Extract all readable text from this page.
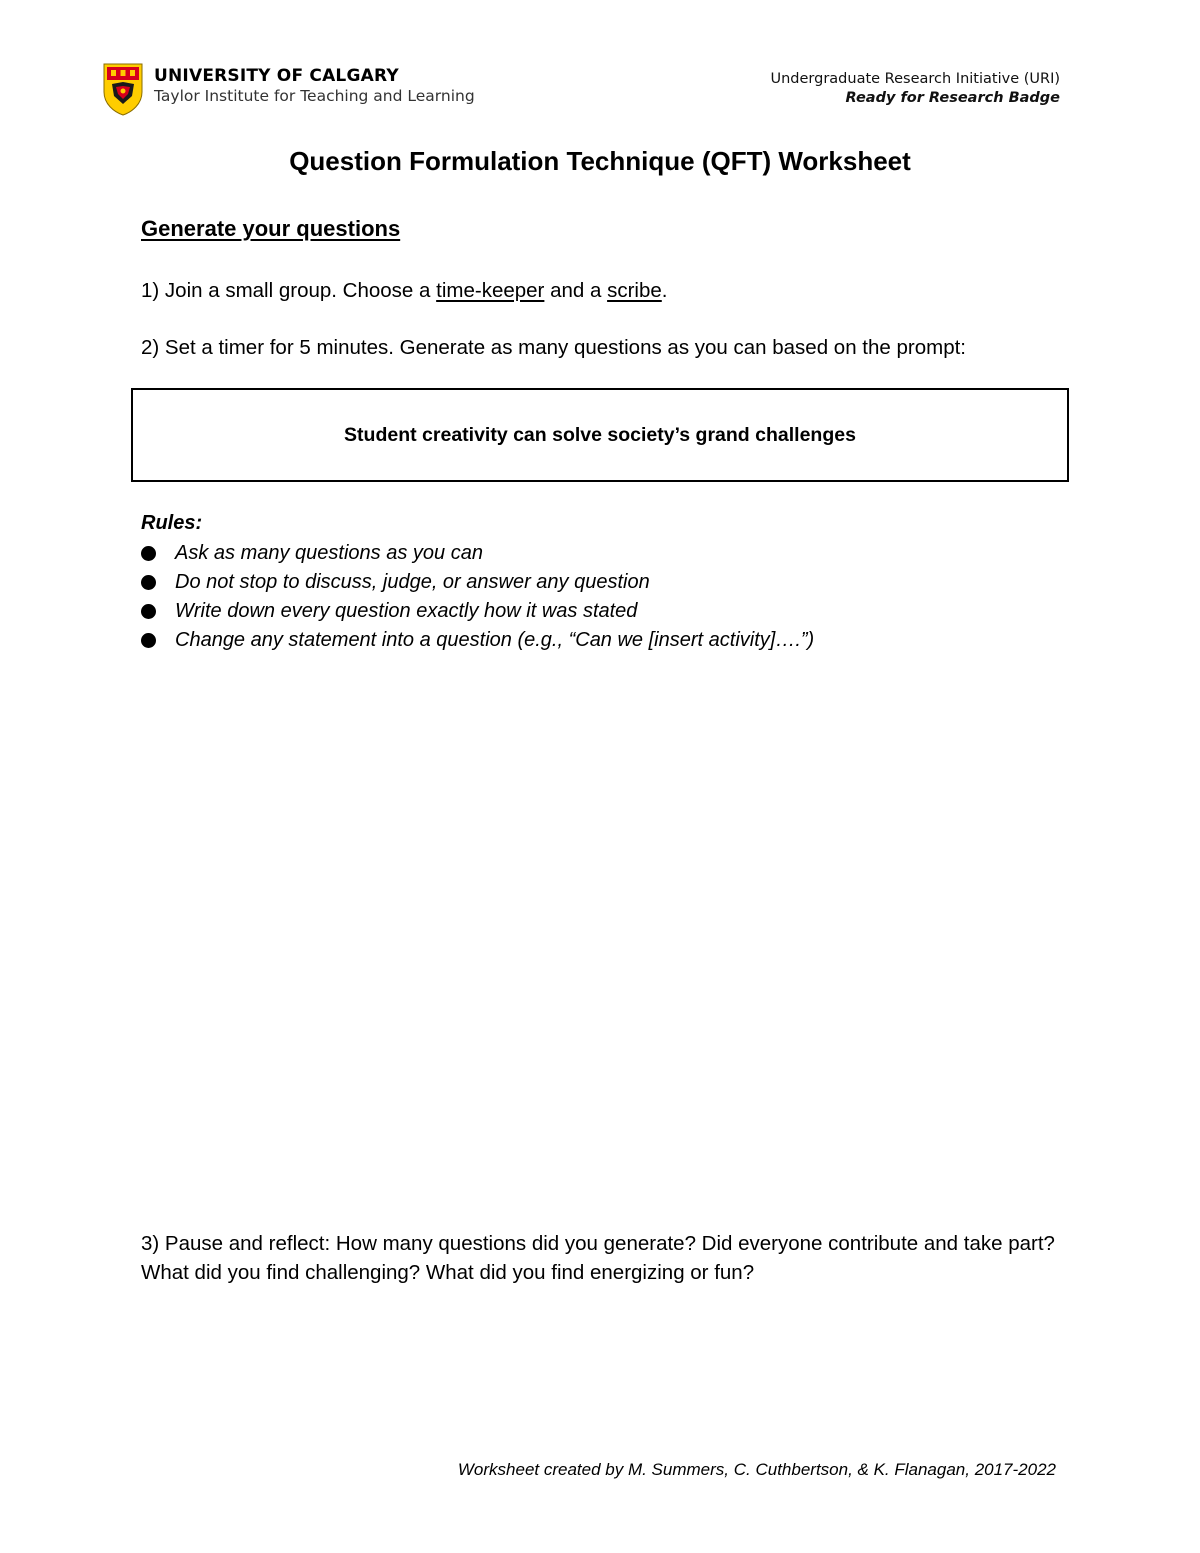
UNIVERSITY OF CALGARY
Taylor Institute for Teaching and Learning
Undergraduate Research Initiative (URI)
Ready for Research Badge
Question Formulation Technique (QFT) Worksheet
Generate your questions
1) Join a small group. Choose a time-keeper and a scribe.
2) Set a timer for 5 minutes. Generate as many questions as you can based on the prompt:
Student creativity can solve society’s grand challenges
Rules:
Ask as many questions as you can
Do not stop to discuss, judge, or answer any question
Write down every question exactly how it was stated
Change any statement into a question (e.g., “Can we [insert activity]….”)
3) Pause and reflect: How many questions did you generate? Did everyone contribute and take part? What did you find challenging? What did you find energizing or fun?
Worksheet created by M. Summers, C. Cuthbertson, & K. Flanagan, 2017-2022
